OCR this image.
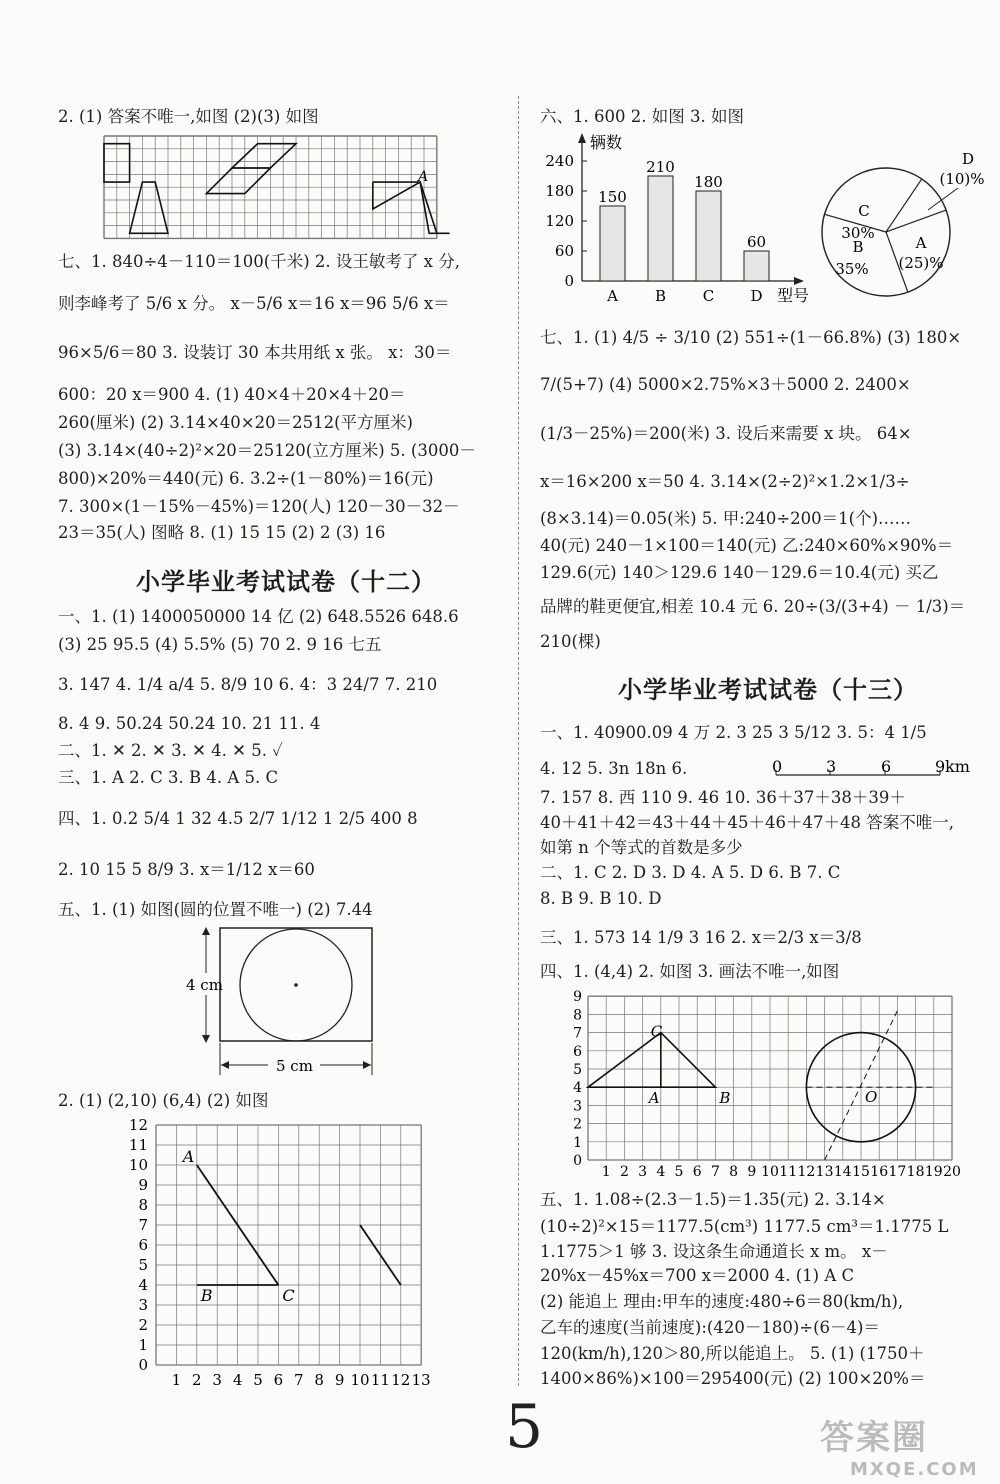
2. (1) 答案不唯一,如图 (2)(3) 如图
A
七、1. 840÷4－110＝100(千米) 2. 设王敏考了 x 分,
则李峰考了 5/6 x 分。 x－5/6 x＝16 x＝96 5/6 x＝
96×5/6＝80 3. 设装订 30 本共用纸 x 张。 x：30＝
600：20 x＝900 4. (1) 40×4＋20×4＋20＝
260(厘米) (2) 3.14×40×20＝2512(平方厘米)
(3) 3.14×(40÷2)²×20＝25120(立方厘米) 5. (3000－
800)×20%＝440(元) 6. 3.2÷(1－80%)＝16(元)
7. 300×(1－15%－45%)＝120(人) 120－30－32－
23＝35(人) 图略 8. (1) 15 15 (2) 2 (3) 16
小学毕业考试试卷（十二）
一、1. (1) 1400050000 14 亿 (2) 648.5526 648.6
(3) 25 95.5 (4) 5.5% (5) 70 2. 9 16 七五
3. 147 4. 1/4 a/4 5. 8/9 10 6. 4：3 24/7 7. 210
8. 4 9. 50.24 50.24 10. 21 11. 4
二、1. ✕ 2. ✕ 3. ✕ 4. ✕ 5. ✓
三、1. A 2. C 3. B 4. A 5. C
四、1. 0.2 5/4 1 32 4.5 2/7 1/12 1 2/5 400 8
2. 10 15 5 8/9 3. x＝1/12 x＝60
五、1. (1) 如图(圆的位置不唯一) (2) 7.44
4 cm
5 cm
2. (1) (2,10) (6,4) (2) 如图
0
1
2
3
4
5
6
7
8
9
10
11
12
1 2 3 4 5 6 7 8 9 10 11 12 13
A
B	C
六、1. 600 2. 如图 3. 如图
0
60
120
180
240
辆数
150
A
210
B
180
C
60
D 型号
A
(25)%
B
35%
C
30%
D
(10)%
七、1. (1) 4/5 ÷ 3/10 (2) 551÷(1－66.8%) (3) 180×
7/(5+7) (4) 5000×2.75%×3＋5000 2. 2400×
(1/3－25%)＝200(米) 3. 设后来需要 x 块。 64×
x＝16×200 x＝50 4. 3.14×(2÷2)²×1.2×1/3÷
(8×3.14)＝0.05(米) 5. 甲:240÷200＝1(个)……
40(元) 240－1×100＝140(元) 乙:240×60%×90%＝
129.6(元) 140＞129.6 140－129.6＝10.4(元) 买乙
品牌的鞋更便宜,相差 10.4 元 6. 20÷(3/(3+4) － 1/3)＝
210(棵)
小学毕业考试试卷（十三）
一、1. 40900.09 4 万 2. 3 25 3 5/12 3. 5：4 1/5
4. 12 5. 3n 18n 6.	0	3	6	9 km
7. 157 8. 西 110 9. 46 10. 36＋37＋38＋39＋
40＋41＋42＝43＋44＋45＋46＋47＋48 答案不唯一,
如第 n 个等式的首数是多少
二、1. C 2. D 3. D 4. A 5. D 6. B 7. C
8. B 9. B 10. D
三、1. 573 14 1/9 3 16 2. x＝2/3 x＝3/8
四、1. (4,4) 2. 如图 3. 画法不唯一,如图
0
1
2
3
4
5
6
7
8
9
1 2 3 4 5 6 7 8 9 10 11 12 13 14 15 16 17 18 19 20
A	B
C
O
五、1. 1.08÷(2.3－1.5)＝1.35(元) 2. 3.14×
(10÷2)²×15＝1177.5(cm³) 1177.5 cm³＝1.1775 L
1.1775＞1 够 3. 设这条生命通道长 x m。 x－
20%x－45%x＝700 x＝2000 4. (1) A C
(2) 能追上 理由:甲车的速度:480÷6＝80(km/h),
乙车的速度(当前速度):(420－180)÷(6－4)＝
120(km/h),120＞80,所以能追上。 5. (1) (1750＋
1400×86%)×100＝295400(元) (2) 100×20%＝
5	答案圈
MXQE.COM
